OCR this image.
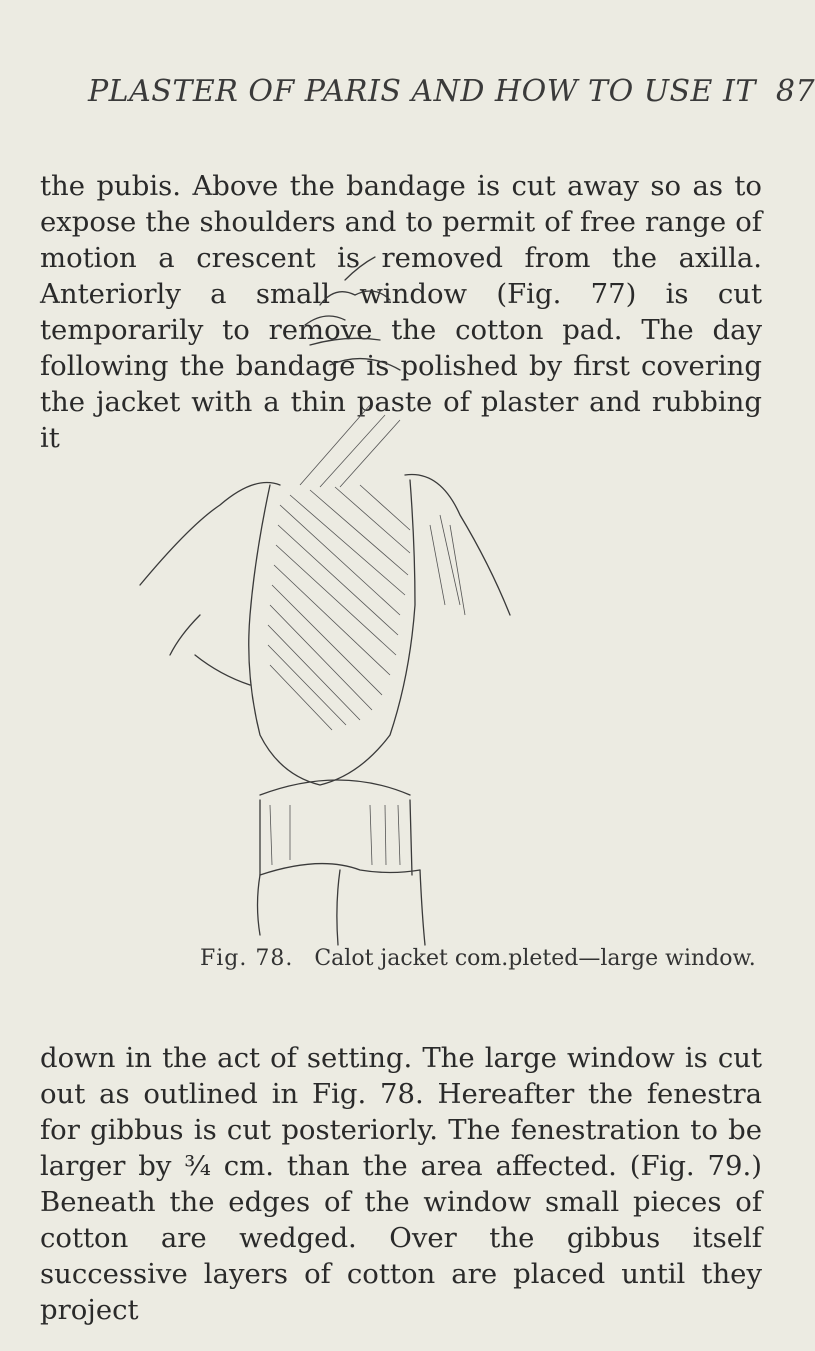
PLASTER OF PARIS AND HOW TO USE IT 87

the pubis. Above the bandage is cut away so as to expose the shoulders and to permit of free range of motion a crescent is removed from the axilla. Anteriorly a small window (Fig. 77) is cut temporarily to remove the cotton pad. The day following the bandage is polished by first covering the jacket with a thin paste of plaster and rubbing it

Fig. 78. Calot jacket com.pleted—large window.

down in the act of setting. The large window is cut out as outlined in Fig. 78. Hereafter the fenestra for gibbus is cut posteriorly. The fenestration to be larger by ¾ cm. than the area affected. (Fig. 79.) Beneath the edges of the window small pieces of cotton are wedged. Over the gibbus itself successive layers of cotton are placed until they project
